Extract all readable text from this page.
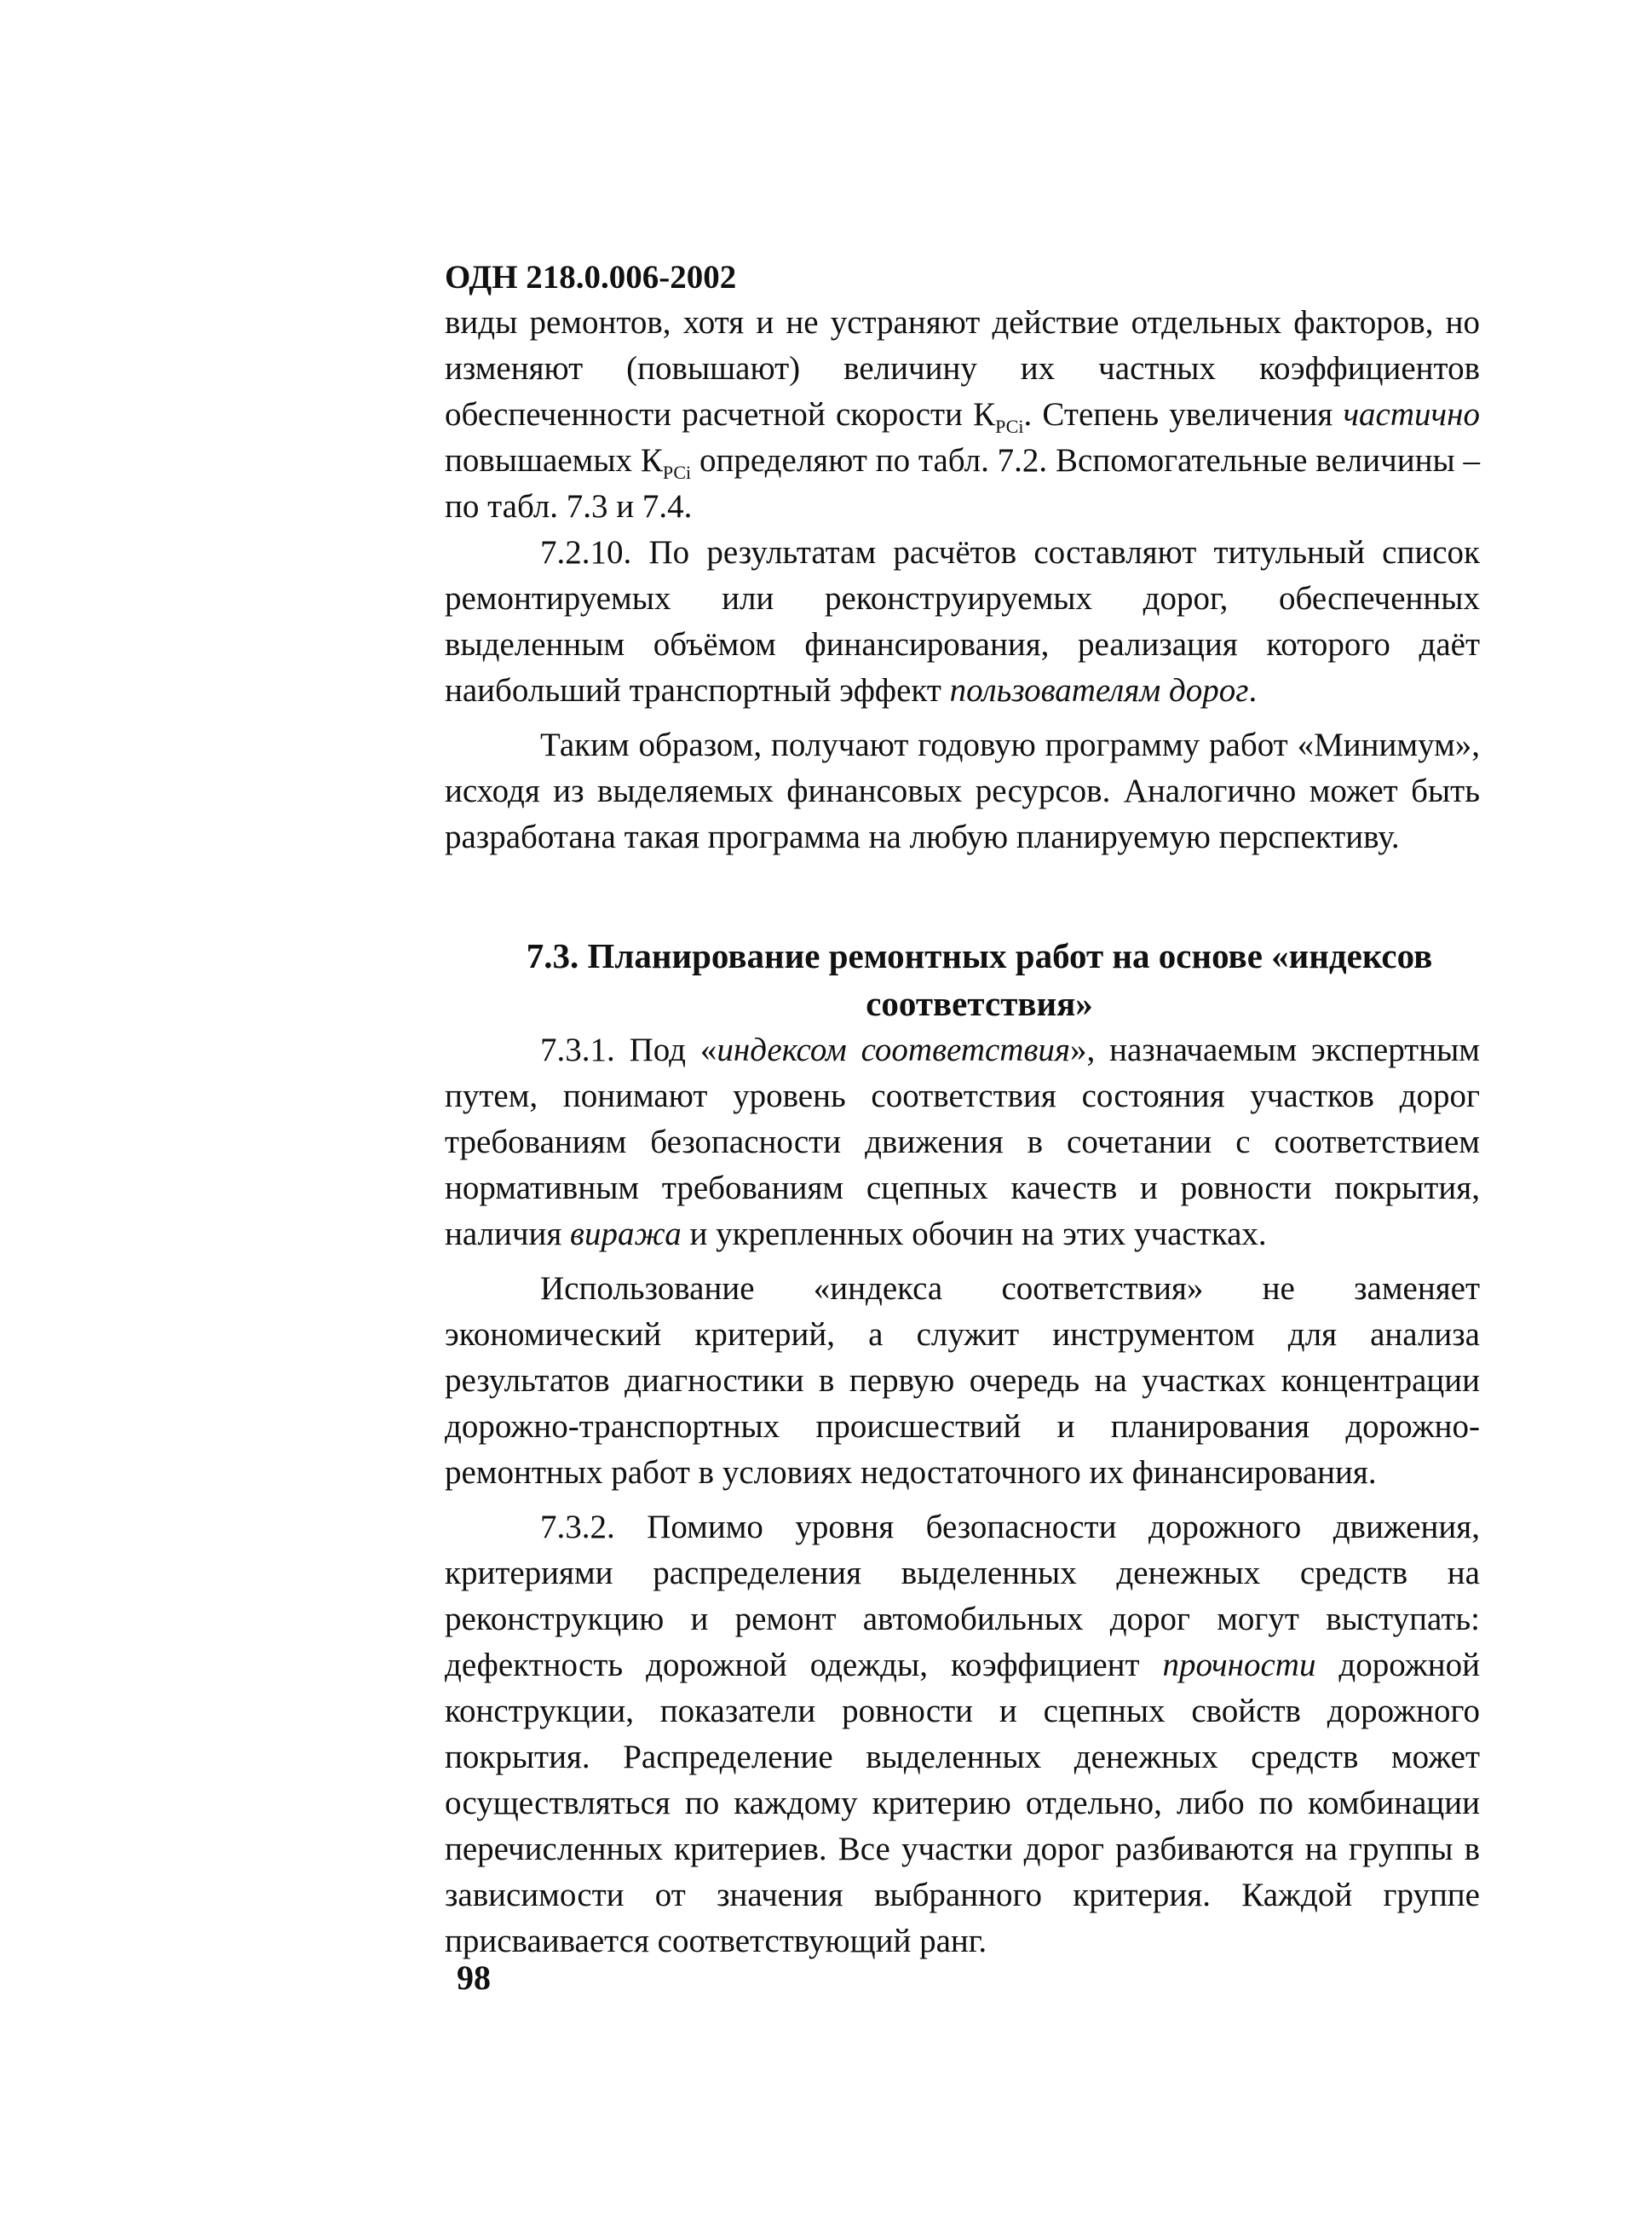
ОДН 218.0.006-2002

виды ремонтов, хотя и не устраняют действие отдельных факторов, но изменяют (повышают) величину их частных коэффициентов обеспеченности расчетной скорости $К_{РСi}$. Степень увеличения частично повышаемых $К_{РСi}$ определяют по табл. 7.2. Вспомогательные величины – по табл. 7.3 и 7.4.

7.2.10. По результатам расчётов составляют титульный список ремонтируемых или реконструируемых дорог, обеспеченных выделенным объёмом финансирования, реализация которого даёт наибольший транспортный эффект пользователям дорог.

Таким образом, получают годовую программу работ «Минимум», исходя из выделяемых финансовых ресурсов. Аналогично может быть разработана такая программа на любую планируемую перспективу.

7.3. Планирование ремонтных работ на основе «индексов соответствия»

7.3.1. Под «индексом соответствия», назначаемым экспертным путем, понимают уровень соответствия состояния участков дорог требованиям безопасности движения в сочетании с соответствием нормативным требованиям сцепных качеств и ровности покрытия, наличия виража и укрепленных обочин на этих участках.

Использование «индекса соответствия» не заменяет экономический критерий, а служит инструментом для анализа результатов диагностики в первую очередь на участках концентрации дорожно-транспортных происшествий и планирования дорожно-ремонтных работ в условиях недостаточного их финансирования.

7.3.2. Помимо уровня безопасности дорожного движения, критериями распределения выделенных денежных средств на реконструкцию и ремонт автомобильных дорог могут выступать: дефектность дорожной одежды, коэффициент прочности дорожной конструкции, показатели ровности и сцепных свойств дорожного покрытия. Распределение выделенных денежных средств может осуществляться по каждому критерию отдельно, либо по комбинации перечисленных критериев. Все участки дорог разбиваются на группы в зависимости от значения выбранного критерия. Каждой группе присваивается соответствующий ранг.

98
